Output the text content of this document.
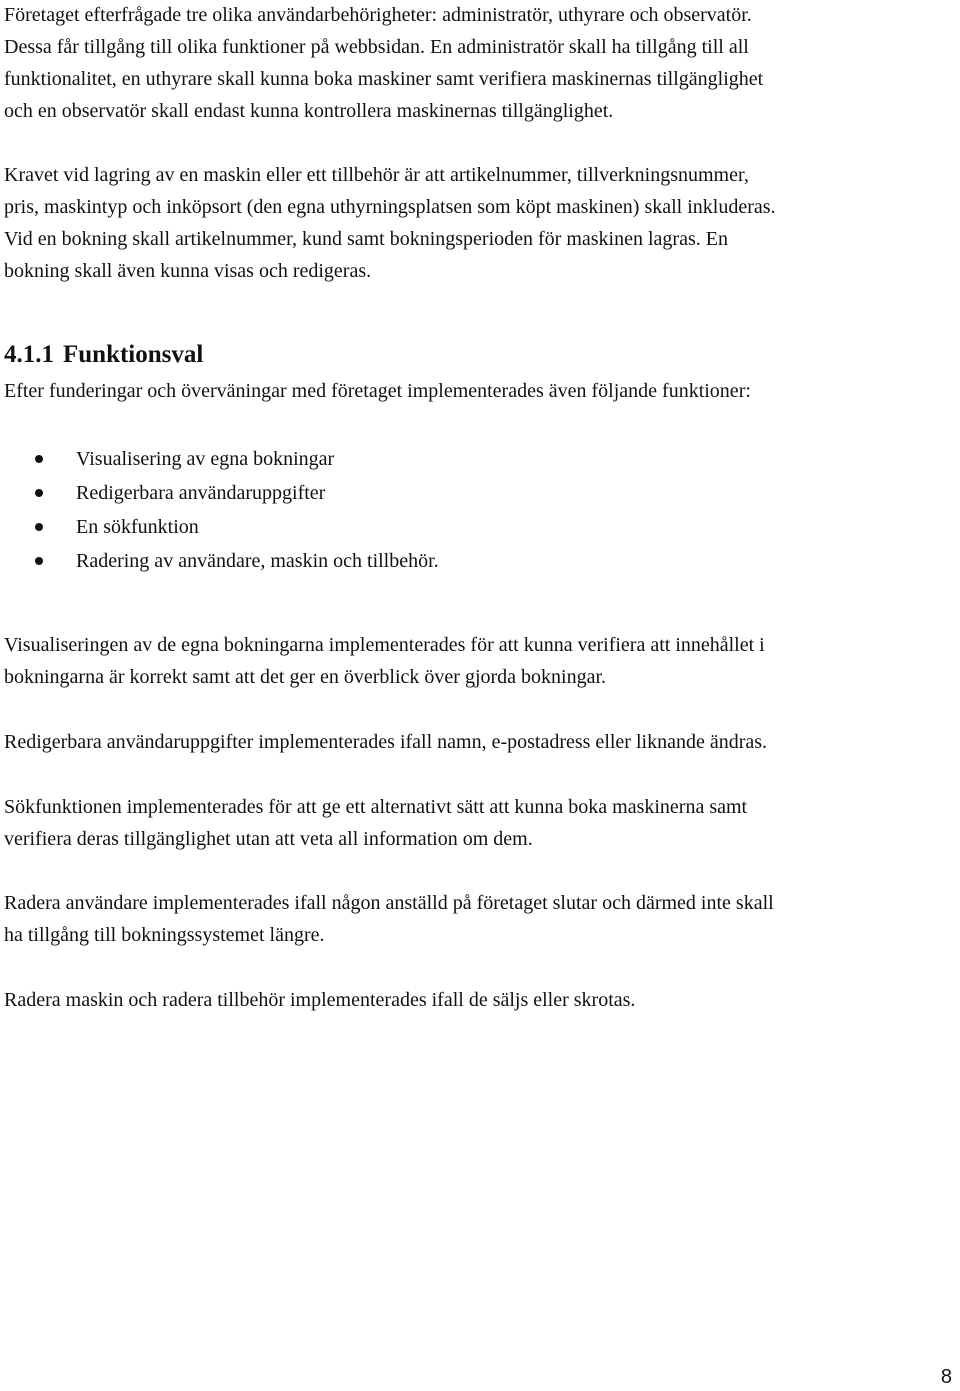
Företaget efterfrågade tre olika användarbehörigheter: administratör, uthyrare och observatör.
Dessa får tillgång till olika funktioner på webbsidan. En administratör skall ha tillgång till all
funktionalitet, en uthyrare skall kunna boka maskiner samt verifiera maskinernas tillgänglighet
och en observatör skall endast kunna kontrollera maskinernas tillgänglighet.

Kravet vid lagring av en maskin eller ett tillbehör är att artikelnummer, tillverkningsnummer,
pris, maskintyp och inköpsort (den egna uthyrningsplatsen som köpt maskinen) skall inkluderas.
Vid en bokning skall artikelnummer, kund samt bokningsperioden för maskinen lagras. En
bokning skall även kunna visas och redigeras.

4.1.1 Funktionsval

Efter funderingar och överväningar med företaget implementerades även följande funktioner:

Visualisering av egna bokningar
Redigerbara användaruppgifter
En sökfunktion
Radering av användare, maskin och tillbehör.

Visualiseringen av de egna bokningarna implementerades för att kunna verifiera att innehållet i
bokningarna är korrekt samt att det ger en överblick över gjorda bokningar.

Redigerbara användaruppgifter implementerades ifall namn, e-postadress eller liknande ändras.

Sökfunktionen implementerades för att ge ett alternativt sätt att kunna boka maskinerna samt
verifiera deras tillgänglighet utan att veta all information om dem.

Radera användare implementerades ifall någon anställd på företaget slutar och därmed inte skall
ha tillgång till bokningssystemet längre.

Radera maskin och radera tillbehör implementerades ifall de säljs eller skrotas.

8
